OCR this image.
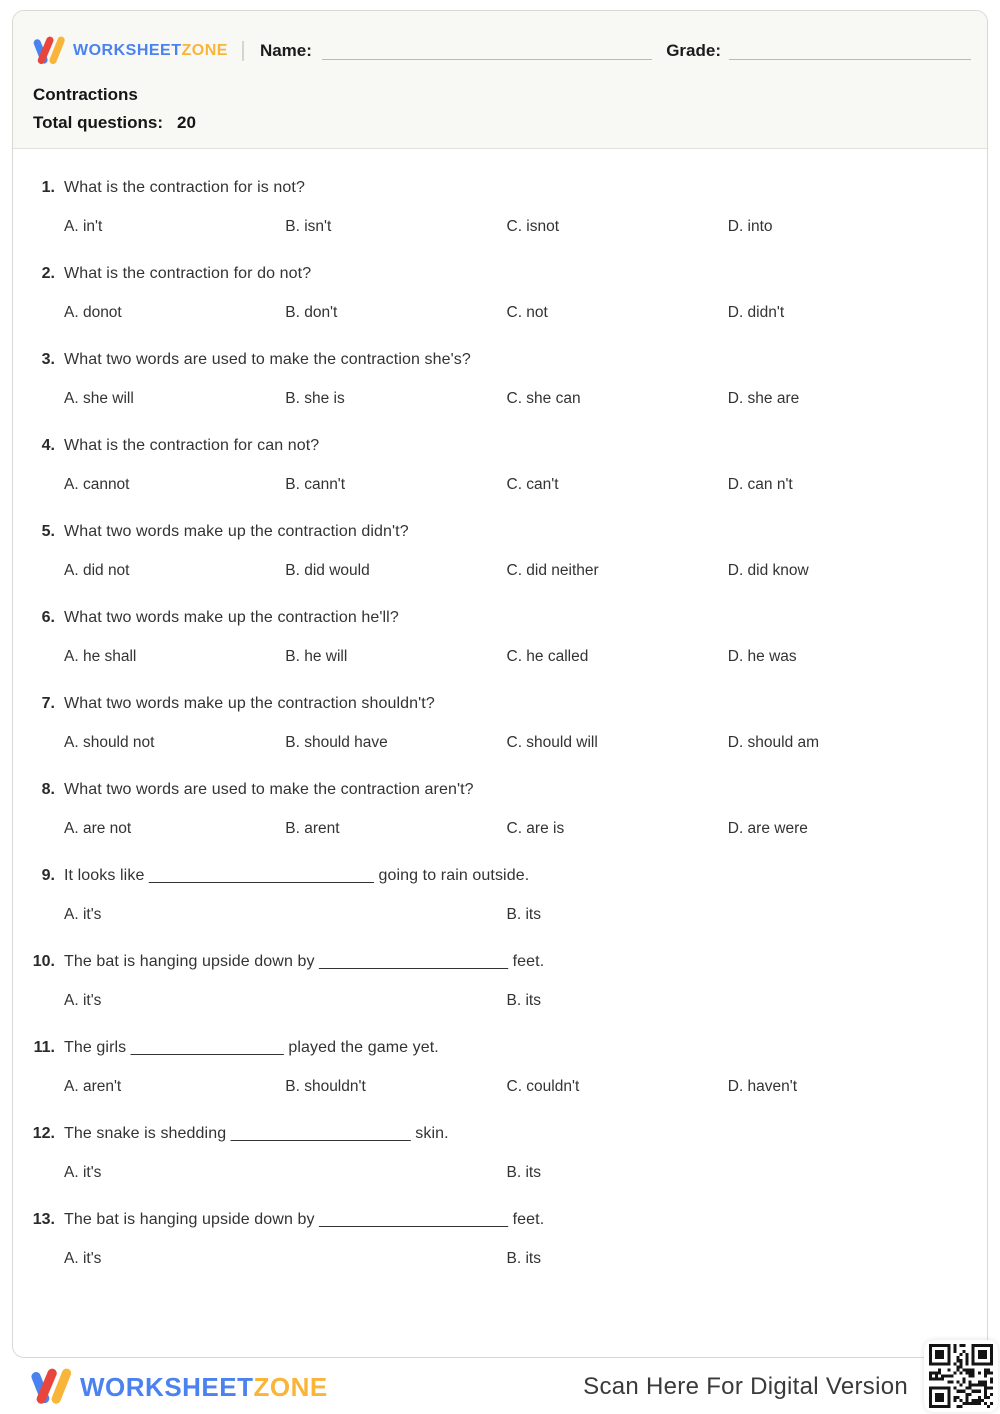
WORKSHEETZONE Name:	Grade:
Contractions
Total questions: 20
1. What is the contraction for is not?
A. in't	B. isn't	C. isnot	D. into
2. What is the contraction for do not?
A. donot	B. don't	C. not	D. didn't
3. What two words are used to make the contraction she's?
A. she will	B. she is	C. she can	D. she are
4. What is the contraction for can not?
A. cannot	B. cann't	C. can't	D. can n't
5. What two words make up the contraction didn't?
A. did not	B. did would	C. did neither	D. did know
6. What two words make up the contraction he'll?
A. he shall	B. he will	C. he called	D. he was
7. What two words make up the contraction shouldn't?
A. should not	B. should have	C. should will	D. should am
8. What two words are used to make the contraction aren't?
A. are not	B. arent	C. are is	D. are were
9. It looks like _________________________ going to rain outside.
A. it's	B. its
10. The bat is hanging upside down by _____________________ feet.
A. it's	B. its
11. The girls _________________ played the game yet.
A. aren't	B. shouldn't	C. couldn't	D. haven't
12. The snake is shedding ____________________ skin.
A. it's	B. its
13. The bat is hanging upside down by _____________________ feet.
A. it's	B. its
WORKSHEETZONE	Scan Here For Digital Version
